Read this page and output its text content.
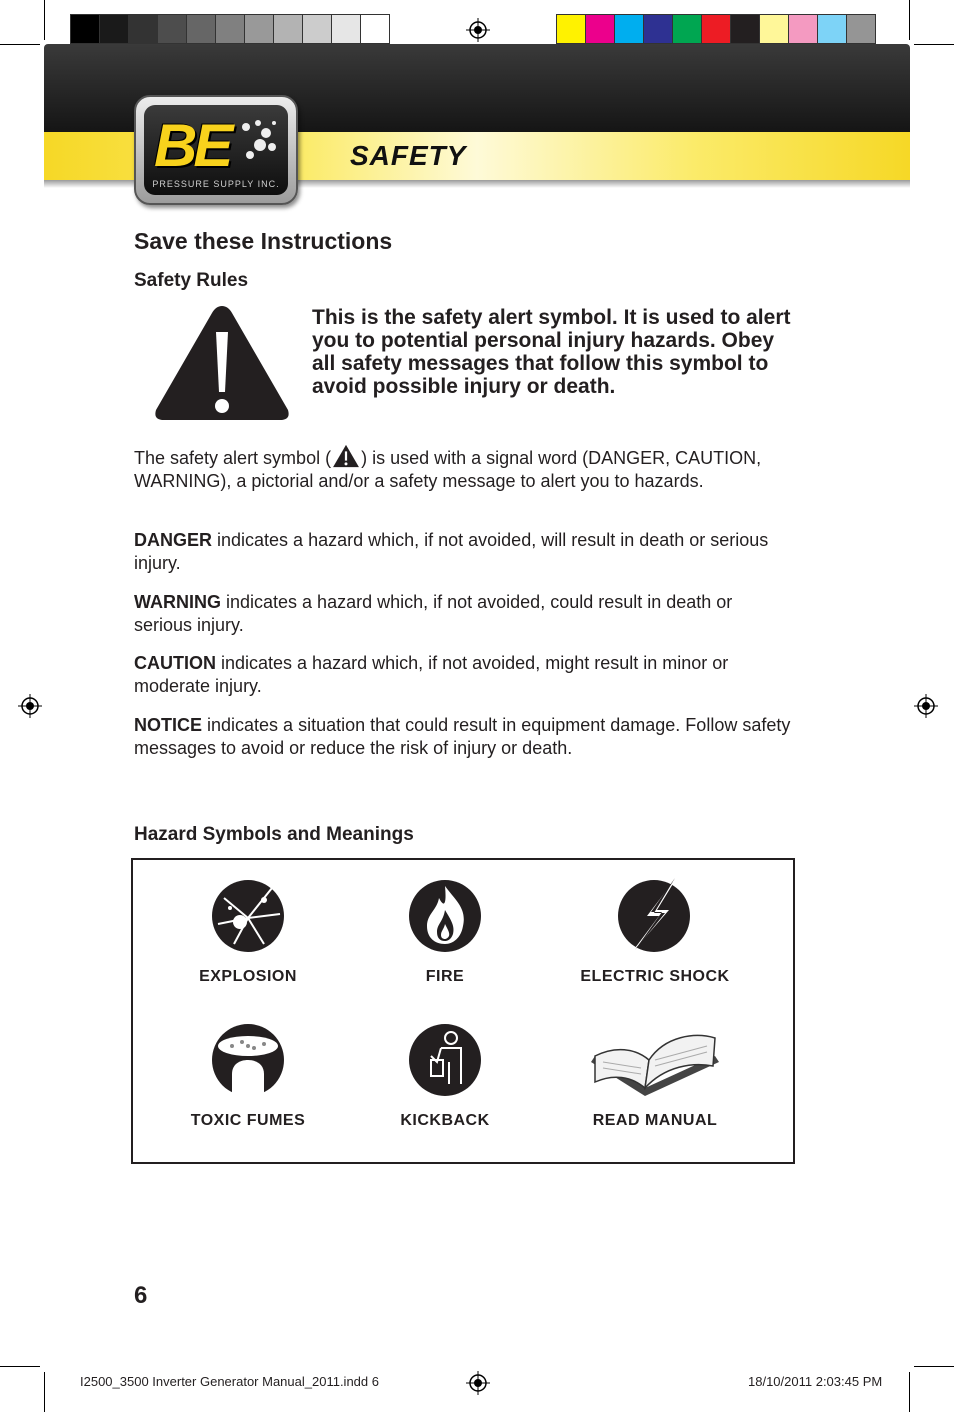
BE
PRESSURE SUPPLY INC.
SAFETY
Save these Instructions
Safety Rules

This is the safety alert symbol. It is used to alert you to potential personal injury hazards. Obey all safety messages that follow this symbol to avoid possible injury or death.

The safety alert symbol ( ) is used with a signal word (DANGER, CAUTION, WARNING), a pictorial and/or a safety message to alert you to hazards.

DANGER indicates a hazard which, if not avoided, will result in death or serious injury.

WARNING indicates a hazard which, if not avoided, could result in death or serious injury.

CAUTION indicates a hazard which, if not avoided, might result in minor or moderate injury.

NOTICE indicates a situation that could result in equipment damage. Follow safety messages to avoid or reduce the risk of injury or death.

Hazard Symbols and Meanings
EXPLOSION	FIRE	ELECTRIC SHOCK
TOXIC FUMES	KICKBACK	READ MANUAL
6
I2500_3500 Inverter Generator Manual_2011.indd 6	18/10/2011 2:03:45 PM
